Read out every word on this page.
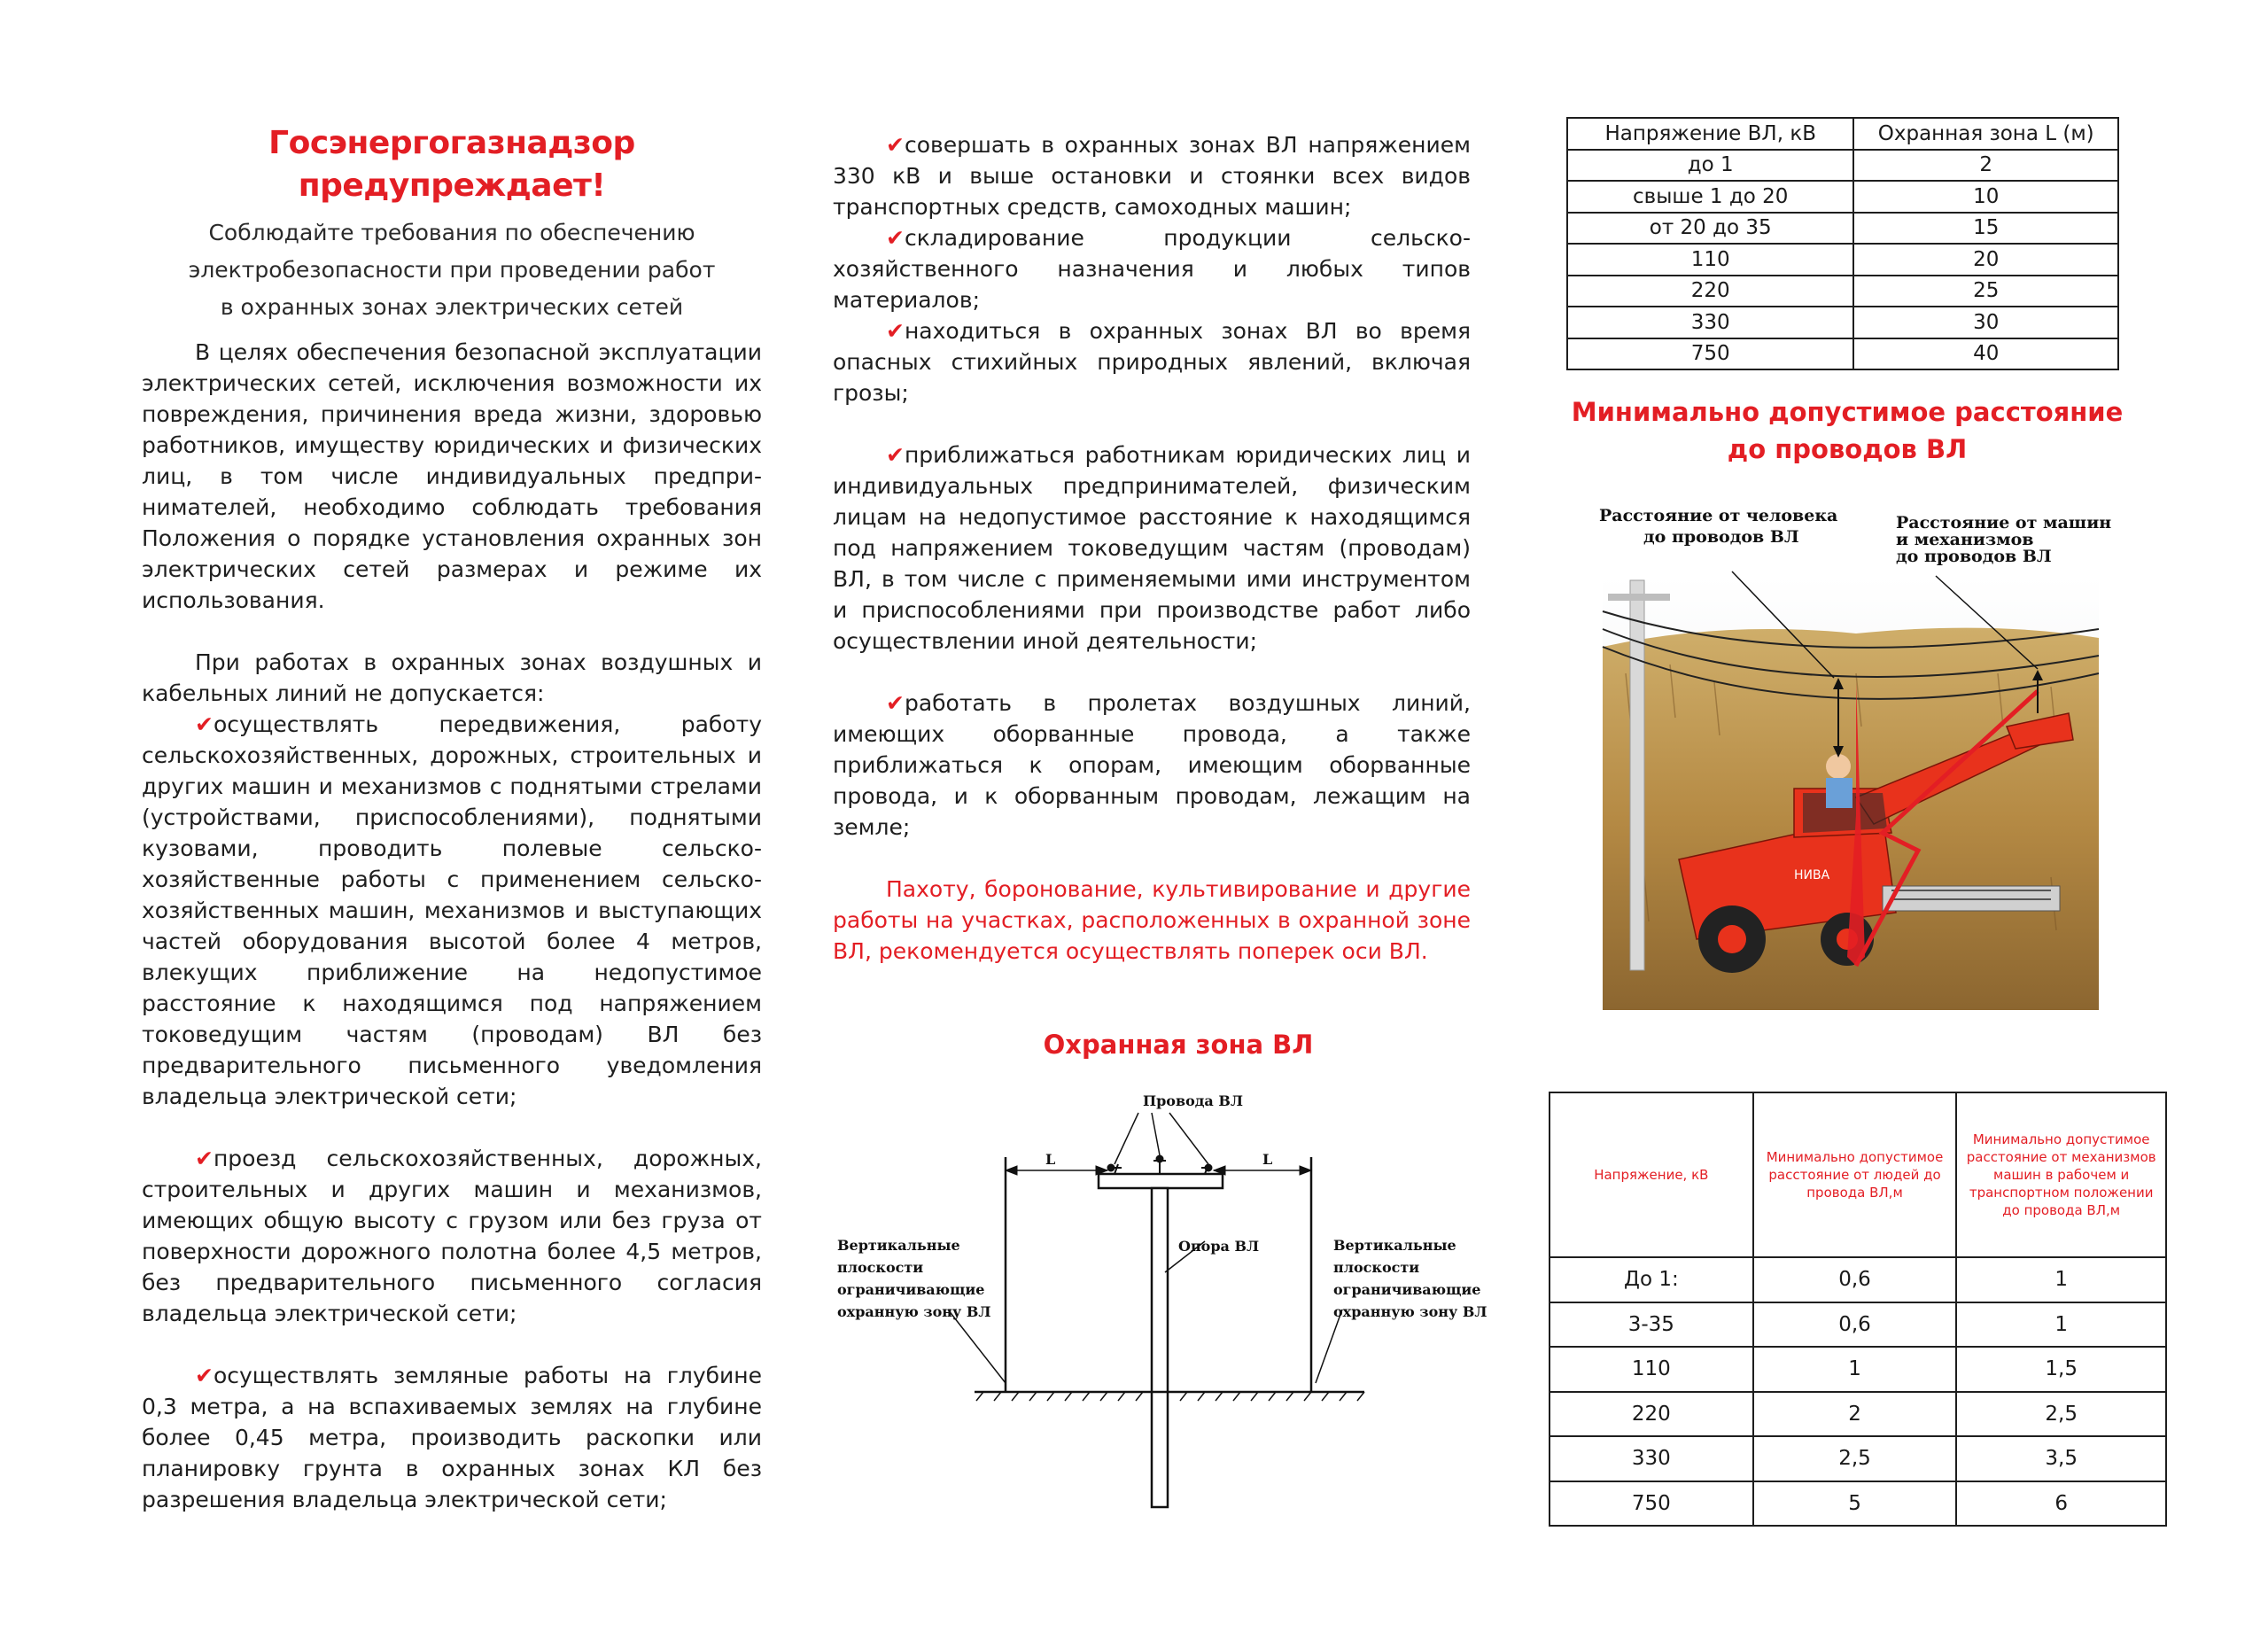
Госэнергогазнадзор предупреждает!

Соблюдайте требования по обеспечению
электробезопасности при проведении работ
в охранных зонах электрических сетей

В целях обеспечения безопасной эксплуатации электрических сетей, исключения возможности их повреждения, причинения вреда жизни, здоровью работников, имуществу юридических и физических лиц, в том числе индивидуальных предпри-нимателей, необходимо соблюдать требования Положения о порядке установления охранных зон электрических сетей размерах и режиме их использования.

При работах в охранных зонах воздушных и кабельных линий не допускается:

✔осуществлять передвижения, работу сельскохозяйственных, дорожных, строительных и других машин и механизмов с поднятыми стрелами (устройствами, приспособлениями), поднятыми кузовами, проводить полевые сельско-хозяйственные работы с применением сельско-хозяйственных машин, механизмов и выступающих частей оборудования высотой более 4 метров, влекущих приближение на недопустимое расстояние к находящимся под напряжением токоведущим частям (проводам) ВЛ без предварительного письменного уведомления владельца электрической сети;

✔проезд сельскохозяйственных, дорожных, строительных и других машин и механизмов, имеющих общую высоту с грузом или без груза от поверхности дорожного полотна более 4,5 метров, без предварительного письменного согласия владельца электрической сети;

✔осуществлять земляные работы на глубине 0,3 метра, а на вспахиваемых землях на глубине более 0,45 метра, производить раскопки или планировку грунта в охранных зонах КЛ без разрешения владельца электрической сети;

✔совершать в охранных зонах ВЛ напряжением 330 кВ и выше остановки и стоянки всех видов транспортных средств, самоходных машин;

✔складирование продукции сельско-хозяйственного назначения и любых типов материалов;

✔находиться в охранных зонах ВЛ во время опасных стихийных природных явлений, включая грозы;

✔приближаться работникам юридических лиц и индивидуальных предпринимателей, физическим лицам на недопустимое расстояние к находящимся под напряжением токоведущим частям (проводам) ВЛ, в том числе с применяемыми ими инструментом и приспособлениями при производстве работ либо осуществлении иной деятельности;

✔работать в пролетах воздушных линий, имеющих оборванные провода, а также приближаться к опорам, имеющим оборванные провода, и к оборванным проводам, лежащим на земле;

Пахоту, боронование, культивирование и другие работы на участках, расположенных в охранной зоне ВЛ, рекомендуется осуществлять поперек оси ВЛ.

Напряжение ВЛ, кВ	Охранная зона L (м)
до 1	2
свыше 1 до 20	10
от 20 до 35	15
110	20
220	25
330	30
750	40
Минимально допустимое расстояние
до проводов ВЛ
НИВА
Расстояние от человека
до проводов ВЛ
Расстояние от машин
и механизмов
до проводов ВЛ
Охранная зона ВЛ
Провода ВЛ
L	L
Опора ВЛ
Вертикальные
плоскости
ограничивающие
охранную зону ВЛ
Вертикальные
плоскости
ограничивающие
охранную зону ВЛ
Напряжение, кВ	Минимально допустимое расстояние от людей до провода ВЛ,м	Минимально допустимое расстояние от механизмов машин в рабочем и транспортном положении до провода ВЛ,м
До 1:	0,6	1
3-35	0,6	1
110	1	1,5
220	2	2,5
330	2,5	3,5
750	5	6
